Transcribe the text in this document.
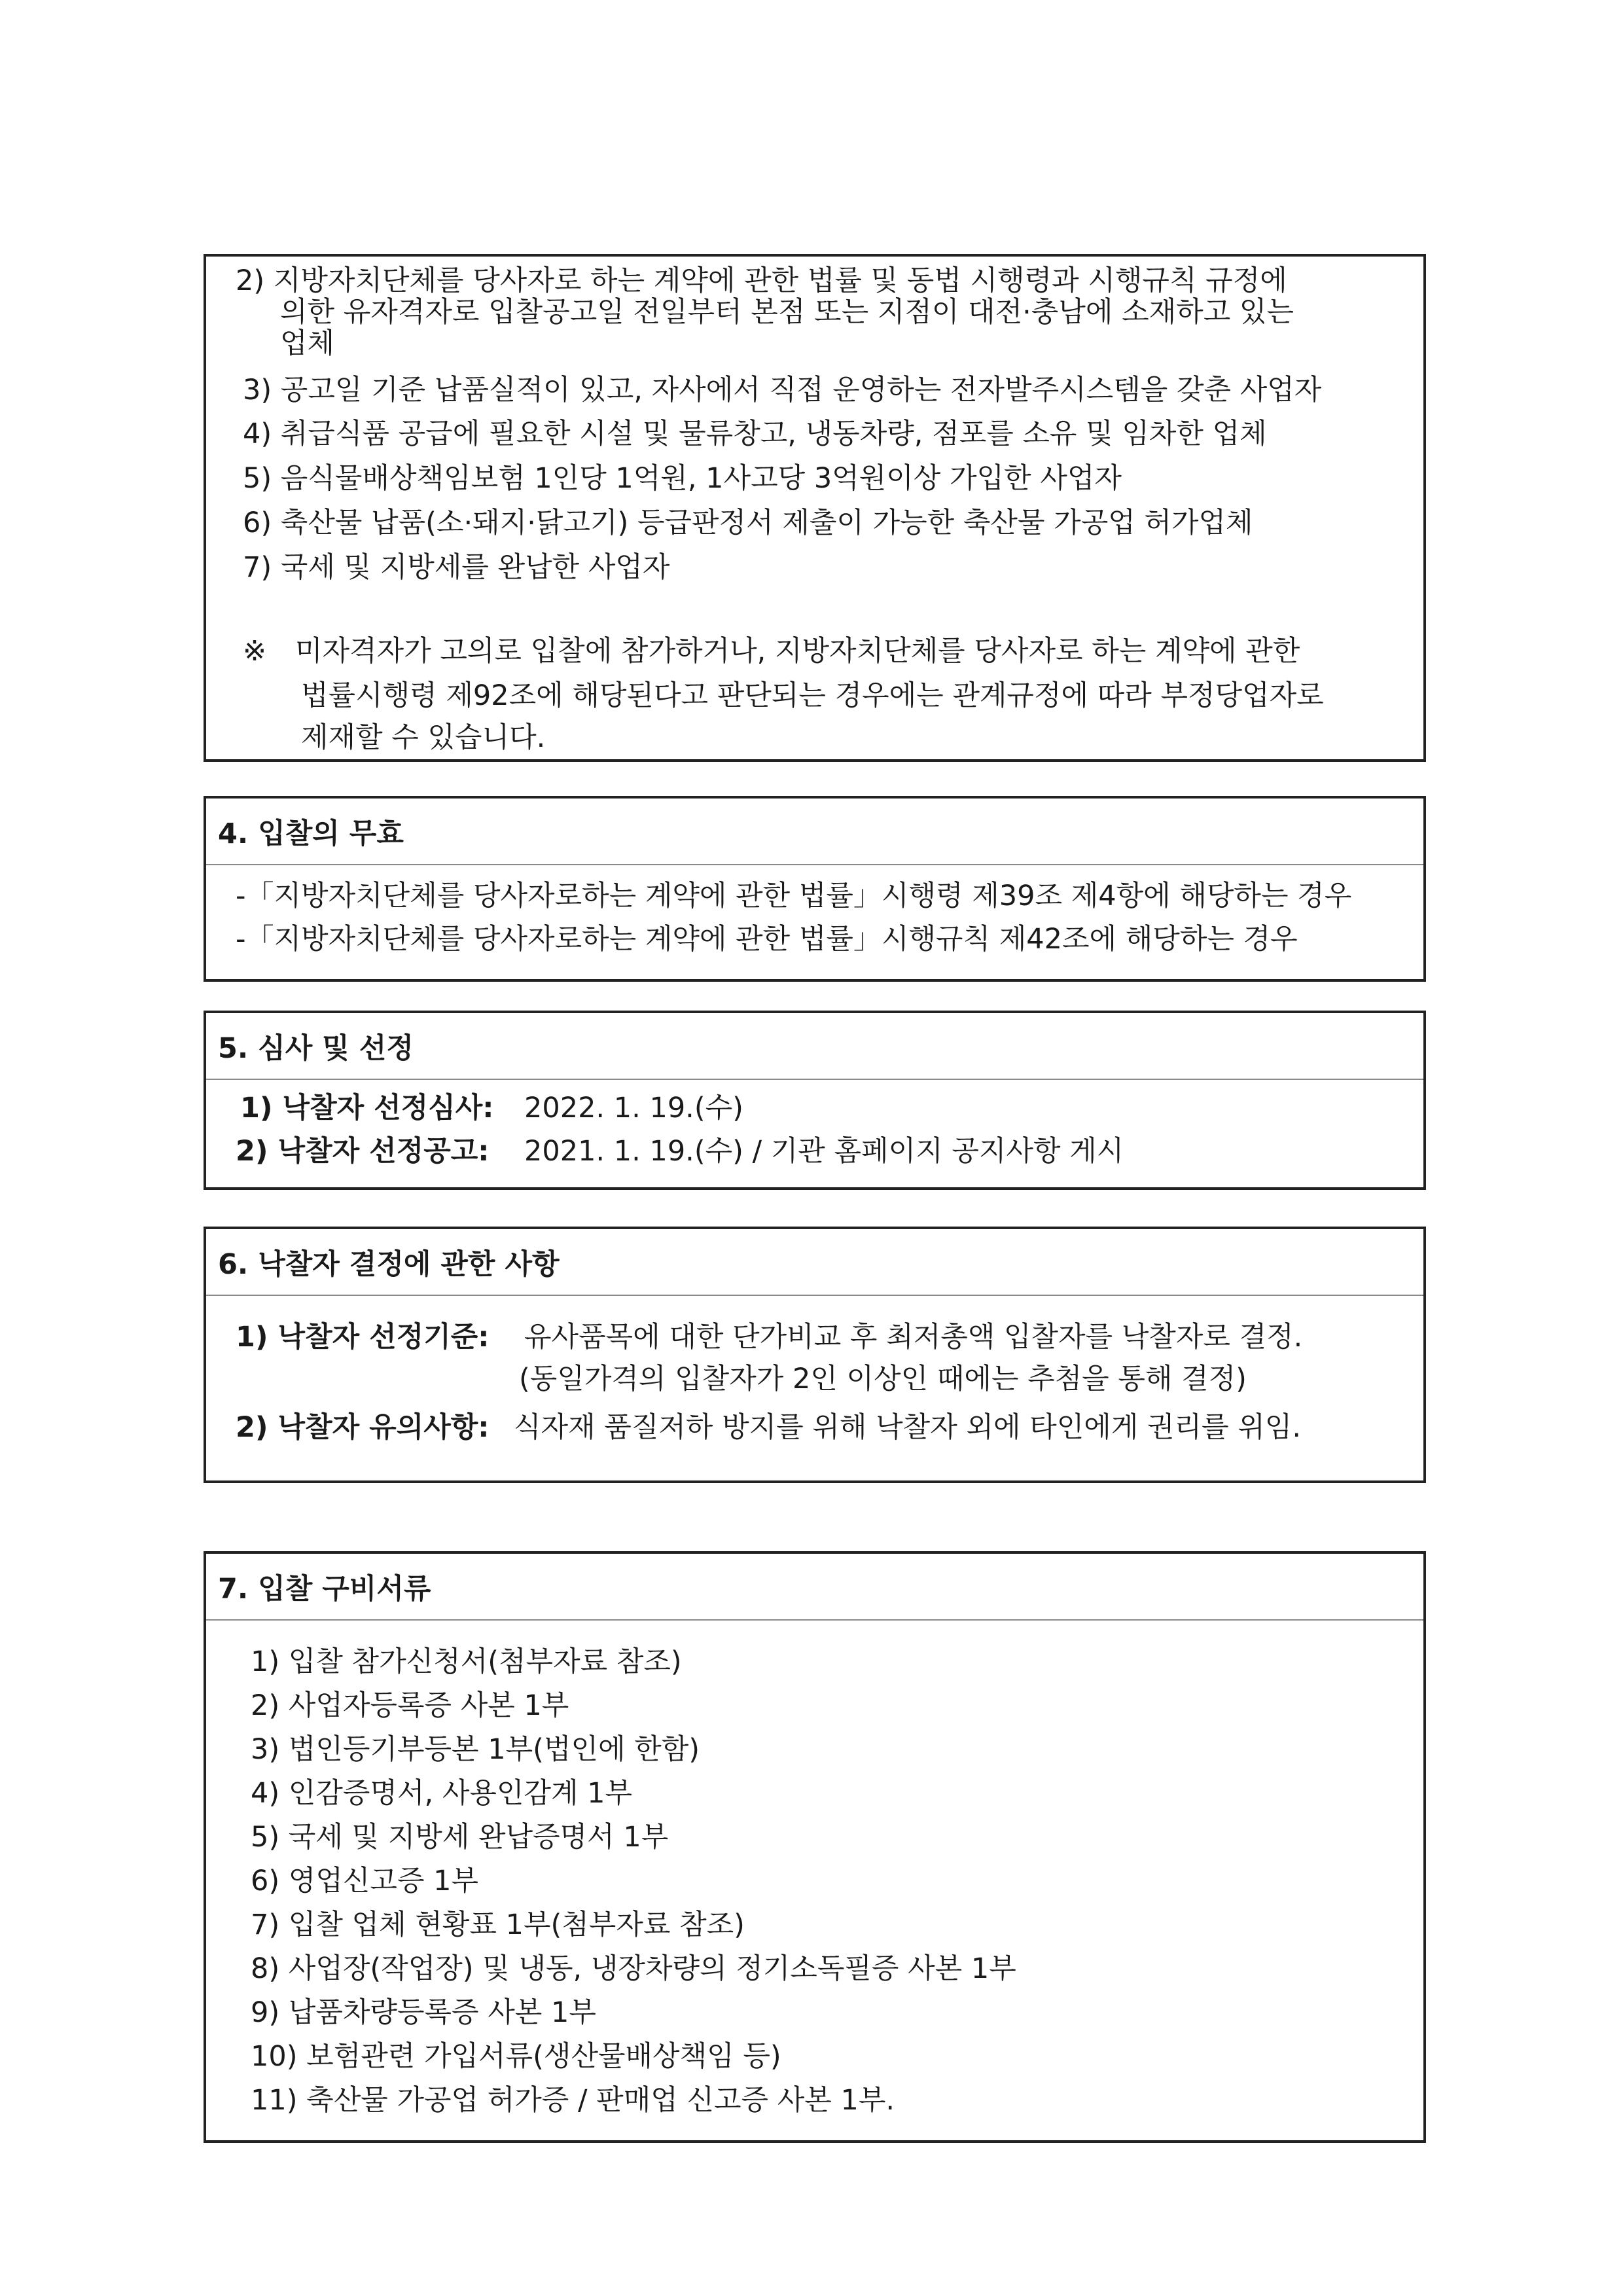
2) 지방자치단체를 당사자로 하는 계약에 관한 법률 및 동법 시행령과 시행규칙 규정에
의한 유자격자로 입찰공고일 전일부터 본점 또는 지점이 대전·충남에 소재하고 있는
업체
3) 공고일 기준 납품실적이 있고, 자사에서 직접 운영하는 전자발주시스템을 갖춘 사업자
4) 취급식품 공급에 필요한 시설 및 물류창고, 냉동차량, 점포를 소유 및 임차한 업체
5) 음식물배상책임보험 1인당 1억원, 1사고당 3억원이상 가입한 사업자
6) 축산물 납품(소·돼지·닭고기) 등급판정서 제출이 가능한 축산물 가공업 허가업체
7) 국세 및 지방세를 완납한 사업자
※ 미자격자가 고의로 입찰에 참가하거나, 지방자치단체를 당사자로 하는 계약에 관한
법률시행령 제92조에 해당된다고 판단되는 경우에는 관계규정에 따라 부정당업자로
제재할 수 있습니다.
4. 입찰의 무효
-「지방자치단체를 당사자로하는 계약에 관한 법률」시행령 제39조 제4항에 해당하는 경우
-「지방자치단체를 당사자로하는 계약에 관한 법률」시행규칙 제42조에 해당하는 경우
5. 심사 및 선정
1) 낙찰자 선정심사: 2022. 1. 19.(수)
2) 낙찰자 선정공고: 2021. 1. 19.(수) / 기관 홈페이지 공지사항 게시
6. 낙찰자 결정에 관한 사항
1) 낙찰자 선정기준: 유사품목에 대한 단가비교 후 최저총액 입찰자를 낙찰자로 결정.
(동일가격의 입찰자가 2인 이상인 때에는 추첨을 통해 결정)
2) 낙찰자 유의사항: 식자재 품질저하 방지를 위해 낙찰자 외에 타인에게 권리를 위임.
7. 입찰 구비서류
1) 입찰 참가신청서(첨부자료 참조)
2) 사업자등록증 사본 1부
3) 법인등기부등본 1부(법인에 한함)
4) 인감증명서, 사용인감계 1부
5) 국세 및 지방세 완납증명서 1부
6) 영업신고증 1부
7) 입찰 업체 현황표 1부(첨부자료 참조)
8) 사업장(작업장) 및 냉동, 냉장차량의 정기소독필증 사본 1부
9) 납품차량등록증 사본 1부
10) 보험관련 가입서류(생산물배상책임 등)
11) 축산물 가공업 허가증 / 판매업 신고증 사본 1부.
